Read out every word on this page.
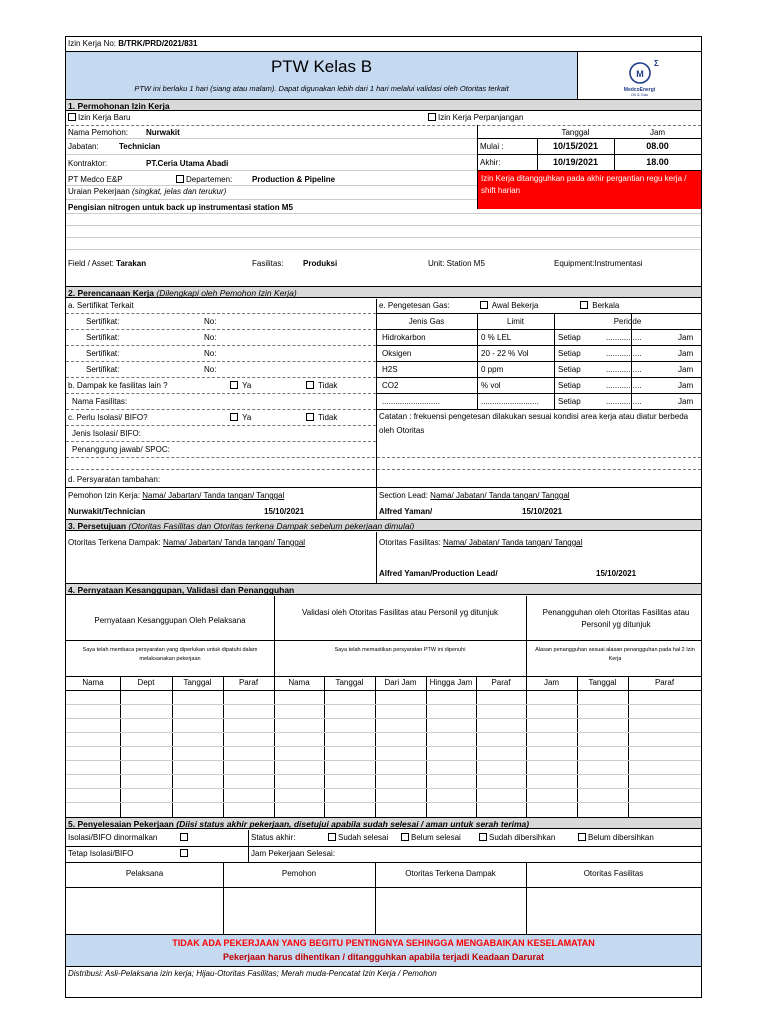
Izin Kerja No: B/TRK/PRD/2021/831
PTW Kelas B
PTW ini berlaku 1 hari (siang atau malam). Dapat digunakan lebih dari 1 hari melalui validasi oleh Otoritas terkait
M
Σ
MedcoEnergi
Oil & Gas
1. Permohonan Izin Kerja
Izin Kerja Baru	Izin Kerja Perpanjangan
Nama Pemohon: Nurwakit
Jabatan:	Technician
Kontraktor:	PT.Ceria Utama Abadi
PT Medco E&P	Departemen: Production & Pipeline
Uraian Pekerjaan (singkat, jelas dan terukur)
Pengisian nitrogen untuk back up instrumentasi station M5
Tanggal	Jam
Mulai :	10/15/2021	08.00
Akhir:	10/19/2021	18.00
Izin Kerja ditangguhkan pada akhir pergantian regu kerja / shift harian
Field / Asset: Tarakan	Fasilitas: Produksi	Unit: Station M5	Equipment:Instrumentasi
2. Perencanaan Kerja (Dilengkapi oleh Pemohon Izin Kerja)
a. Sertifikat Terkait
Sertifikat:	No:
Sertifikat:	No:
Sertifikat:	No:
Sertifikat:	No:
b. Dampak ke fasilitas lain ?	Ya	Tidak
Nama Fasilitas:
c. Perlu Isolasi/ BIFO?	Ya	Tidak
Jenis Isolasi/ BIFO:
Penanggung jawab/ SPOC:
d. Persyaratan tambahan:
e. Pengetesan Gas:	Awal Bekerja	Berkala
Jenis Gas	Limit	Periode
Hidrokarbon	0 % LEL	Setiap	................	Jam
Oksigen	20 - 22 % Vol	Setiap	................	Jam
H2S	0 ppm	Setiap	................	Jam
CO2	% vol	Setiap	................	Jam
..........................	.......................... Setiap	................	Jam
Catatan : frekuensi pengetesan dilakukan sesuai kondisi area kerja atau diatur berbeda oleh Otoritas
Pemohon Izin Kerja: Nama/ Jabartan/ Tanda tangan/ Tanggal
Nurwakit/Technician	15/10/2021
Section Lead: Nama/ Jabatan/ Tanda tangan/ Tanggal
Alfred Yaman/	15/10/2021
3. Persetujuan (Otoritas Fasilitas dan Otoritas terkena Dampak sebelum pekerjaan dimulai)
Otoritas Terkena Dampak: Nama/ Jabartan/ Tanda tangan/ Tanggal	Otoritas Fasilitas: Nama/ Jabatan/ Tanda tangan/ Tanggal
Alfred Yaman/Production Lead/	15/10/2021
4. Pernyataan Kesanggupan, Validasi dan Penangguhan
Pernyataan Kesanggupan Oleh Pelaksana
Validasi oleh Otoritas Fasilitas atau Personil yg ditunjuk	Penangguhan oleh Otoritas Fasilitas atau Personil yg ditunjuk
Saya telah membaca persyaratan yang diperlukan untuk dipatuhi dalam melaksanakan pekerjaan
Saya telah memastikan persyaratan PTW ini dipenuhi	Alasan penangguhan sesuai alasan penangguhan pada hal 2 Izin Kerja
Nama	Dept	Tanggal	Paraf	Nama	Tanggal	Dari Jam	Hingga Jam	Paraf	Jam	Tanggal	Paraf
5. Penyelesaian Pekerjaan (Diisi status akhir pekerjaan, disetujui apabila sudah selesai / aman untuk serah terima)
Isolasi/BIFO dinormalkan
Tetap Isolasi/BIFO
Status akhir:	Sudah selesai	Belum selesai	Sudah dibersihkan	Belum dibersihkan
Jam Pekerjaan Selesai:
Pelaksana	Pemohon	Otoritas Terkena Dampak	Otoritas Fasilitas
TIDAK ADA PEKERJAAN YANG BEGITU PENTINGNYA SEHINGGA MENGABAIKAN KESELAMATAN
Pekerjaan harus dihentikan / ditangguhkan apabila terjadi Keadaan Darurat
Distribusi: Asli-Pelaksana izin kerja; Hijau-Otoritas Fasilitas; Merah muda-Pencatat Izin Kerja / Pemohon
